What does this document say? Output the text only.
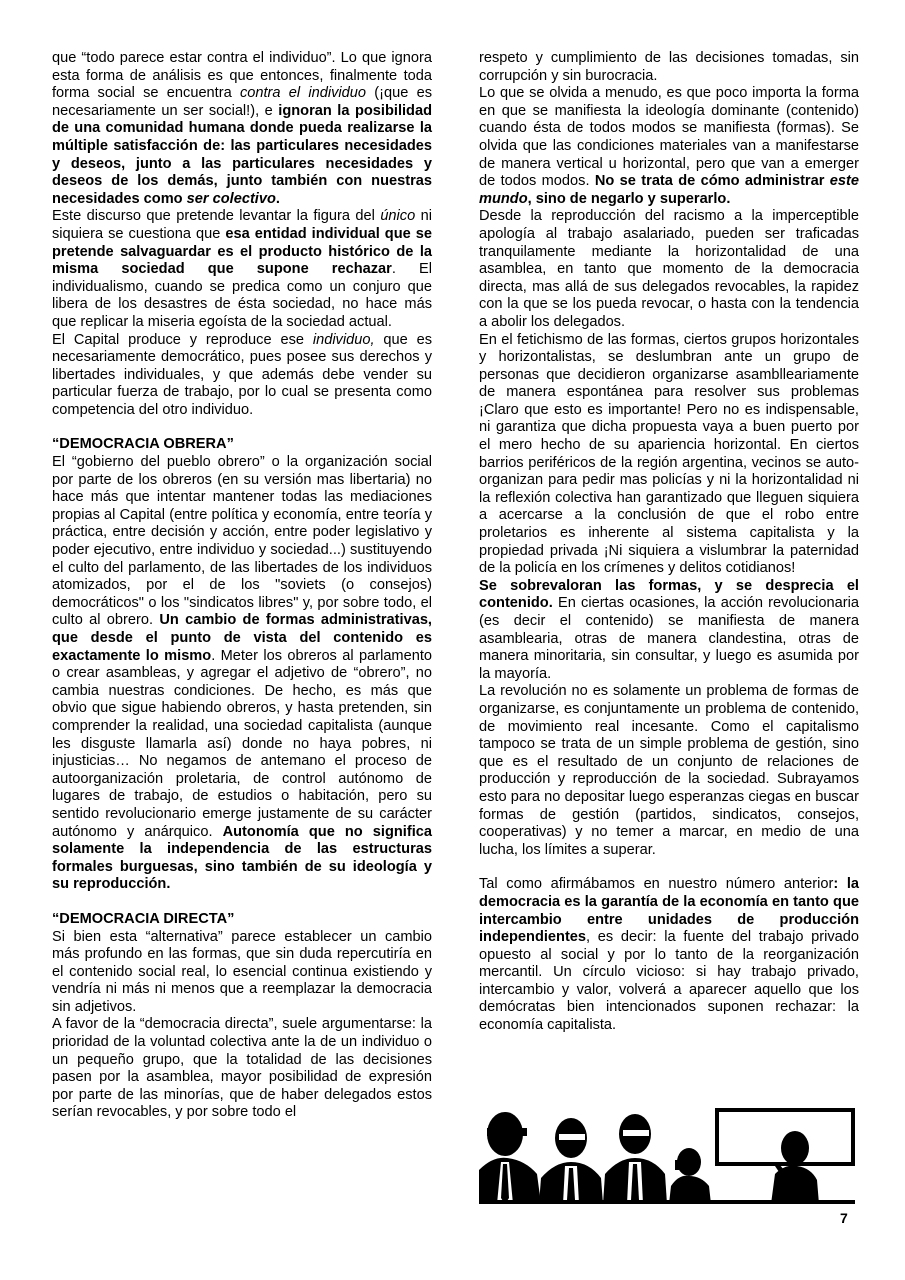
que “todo parece estar contra el individuo”. Lo que ignora esta forma de análisis es que entonces, finalmente toda forma social se encuentra contra el individuo (¡que es necesariamente un ser social!), e ignoran la posibilidad de una comunidad humana donde pueda realizarse la múltiple satisfacción de: las particulares necesidades y deseos, junto a las particulares necesidades y deseos de los demás, junto también con nuestras necesidades como ser colectivo.

Este discurso que pretende levantar la figura del único ni siquiera se cuestiona que esa entidad individual que se pretende salvaguardar es el producto histórico de la misma sociedad que supone rechazar. El individualismo, cuando se predica como un conjuro que libera de los desastres de ésta sociedad, no hace más que replicar la miseria egoísta de la sociedad actual.

El Capital produce y reproduce ese individuo, que es necesariamente democrático, pues posee sus derechos y libertades individuales, y que además debe vender su particular fuerza de trabajo, por lo cual se presenta como competencia del otro individuo.

“DEMOCRACIA OBRERA”

El “gobierno del pueblo obrero” o la organización social por parte de los obreros (en su versión mas libertaria) no hace más que intentar mantener todas las mediaciones propias al Capital (entre política y economía, entre teoría y práctica, entre decisión y acción, entre poder legislativo y poder ejecutivo, entre individuo y sociedad...) sustituyendo el culto del parlamento, de las libertades de los individuos atomizados, por el de los "soviets (o consejos) democráticos" o los "sindicatos libres" y, por sobre todo, el culto al obrero. Un cambio de formas administrativas, que desde el punto de vista del contenido es exactamente lo mismo. Meter los obreros al parlamento o crear asambleas, y agregar el adjetivo de “obrero”, no cambia nuestras condiciones. De hecho, es más que obvio que sigue habiendo obreros, y hasta pretenden, sin comprender la realidad, una sociedad capitalista (aunque les disguste llamarla así) donde no haya pobres, ni injusticias… No negamos de antemano el proceso de autoorganización proletaria, de control autónomo de lugares de trabajo, de estudios o habitación, pero su sentido revolucionario emerge justamente de su carácter autónomo y anárquico. Autonomía que no significa solamente la independencia de las estructuras formales burguesas, sino también de su ideología y su reproducción.

“DEMOCRACIA DIRECTA”

Si bien esta “alternativa” parece establecer un cambio más profundo en las formas, que sin duda repercutiría en el contenido social real, lo esencial continua existiendo y vendría ni más ni menos que a reemplazar la democracia sin adjetivos.

A favor de la “democracia directa”, suele argumentarse: la prioridad de la voluntad colectiva ante la de un individuo o un pequeño grupo, que la totalidad de las decisiones pasen por la asamblea, mayor posibilidad de expresión por parte de las minorías, que de haber delegados estos serían revocables, y por sobre todo el

respeto y cumplimiento de las decisiones tomadas, sin corrupción y sin burocracia.

Lo que se olvida a menudo, es que poco importa la forma en que se manifiesta la ideología dominante (contenido) cuando ésta de todos modos se manifiesta (formas). Se olvida que las condiciones materiales van a manifestarse de manera vertical u horizontal, pero que van a emerger de todos modos. No se trata de cómo administrar este mundo, sino de negarlo y superarlo.

Desde la reproducción del racismo a la imperceptible apología al trabajo asalariado, pueden ser traficadas tranquilamente mediante la horizontalidad de una asamblea, en tanto que momento de la democracia directa, mas allá de sus delegados revocables, la rapidez con la que se los pueda revocar, o hasta con la tendencia a abolir los delegados.

En el fetichismo de las formas, ciertos grupos horizontales y horizontalistas, se deslumbran ante un grupo de personas que decidieron organizarse asamblleariamente de manera espontánea para resolver sus problemas ¡Claro que esto es importante! Pero no es indispensable, ni garantiza que dicha propuesta vaya a buen puerto por el mero hecho de su apariencia horizontal. En ciertos barrios periféricos de la región argentina, vecinos se auto-organizan para pedir mas policías y ni la horizontalidad ni la reflexión colectiva han garantizado que lleguen siquiera a acercarse a la conclusión de que el robo entre proletarios es inherente al sistema capitalista y la propiedad privada ¡Ni siquiera a vislumbrar la paternidad de la policía en los crímenes y delitos cotidianos!

Se sobrevaloran las formas, y se desprecia el contenido. En ciertas ocasiones, la acción revolucionaria (es decir el contenido) se manifiesta de manera asamblearia, otras de manera clandestina, otras de manera minoritaria, sin consultar, y luego es asumida por la mayoría.

La revolución no es solamente un problema de formas de organizarse, es conjuntamente un problema de contenido, de movimiento real incesante. Como el capitalismo tampoco se trata de un simple problema de gestión, sino que es el resultado de un conjunto de relaciones de producción y reproducción de la sociedad. Subrayamos esto para no depositar luego esperanzas ciegas en buscar formas de gestión (partidos, sindicatos, consejos, cooperativas) y no temer a marcar, en medio de una lucha, los límites a superar.

Tal como afirmábamos en nuestro número anterior: la democracia es la garantía de la economía en tanto que intercambio entre unidades de producción independientes, es decir: la fuente del trabajo privado opuesto al social y por lo tanto de la reorganización mercantil. Un círculo vicioso: si hay trabajo privado, intercambio y valor, volverá a aparecer aquello que los demócratas bien intencionados suponen rechazar: la economía capitalista.

7
